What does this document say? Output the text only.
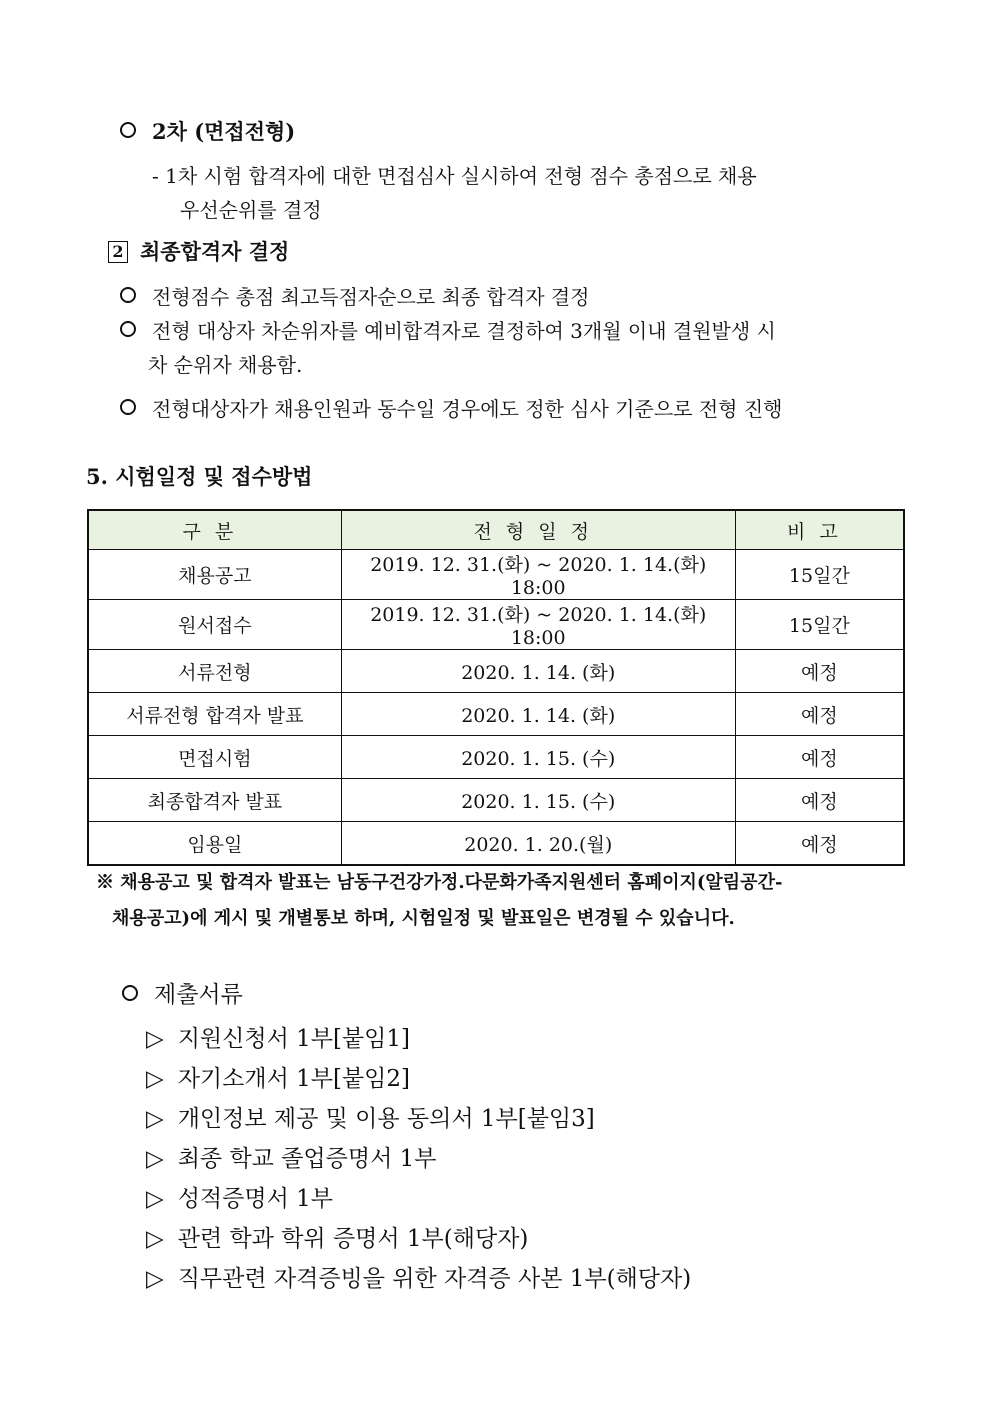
2차 (면접전형)
- 1차 시험 합격자에 대한 면접심사 실시하여 전형 점수 총점으로 채용
우선순위를 결정
2 최종합격자 결정
전형점수 총점 최고득점자순으로 최종 합격자 결정
전형 대상자 차순위자를 예비합격자로 결정하여 3개월 이내 결원발생 시
차 순위자 채용함.
전형대상자가 채용인원과 동수일 경우에도 정한 심사 기준으로 전형 진행
5. 시험일정 및 접수방법
구분	전형일정	비고
채용공고	2019. 12. 31.(화) ~ 2020. 1. 14.(화) 18:00	15일간
원서접수	2019. 12. 31.(화) ~ 2020. 1. 14.(화) 18:00	15일간
서류전형	2020. 1. 14. (화)	예정
서류전형 합격자 발표	2020. 1. 14. (화)	예정
면접시험	2020. 1. 15. (수)	예정
최종합격자 발표	2020. 1. 15. (수)	예정
임용일	2020. 1. 20.(월)	예정
※ 채용공고 및 합격자 발표는 남동구건강가정.다문화가족지원센터 홈페이지(알림공간-
채용공고)에 게시 및 개별통보 하며, 시험일정 및 발표일은 변경될 수 있습니다.
제출서류
▷ 지원신청서 1부[붙임1]
▷ 자기소개서 1부[붙임2]
▷ 개인정보 제공 및 이용 동의서 1부[붙임3]
▷ 최종 학교 졸업증명서 1부
▷ 성적증명서 1부
▷ 관련 학과 학위 증명서 1부(해당자)
▷ 직무관련 자격증빙을 위한 자격증 사본 1부(해당자)
